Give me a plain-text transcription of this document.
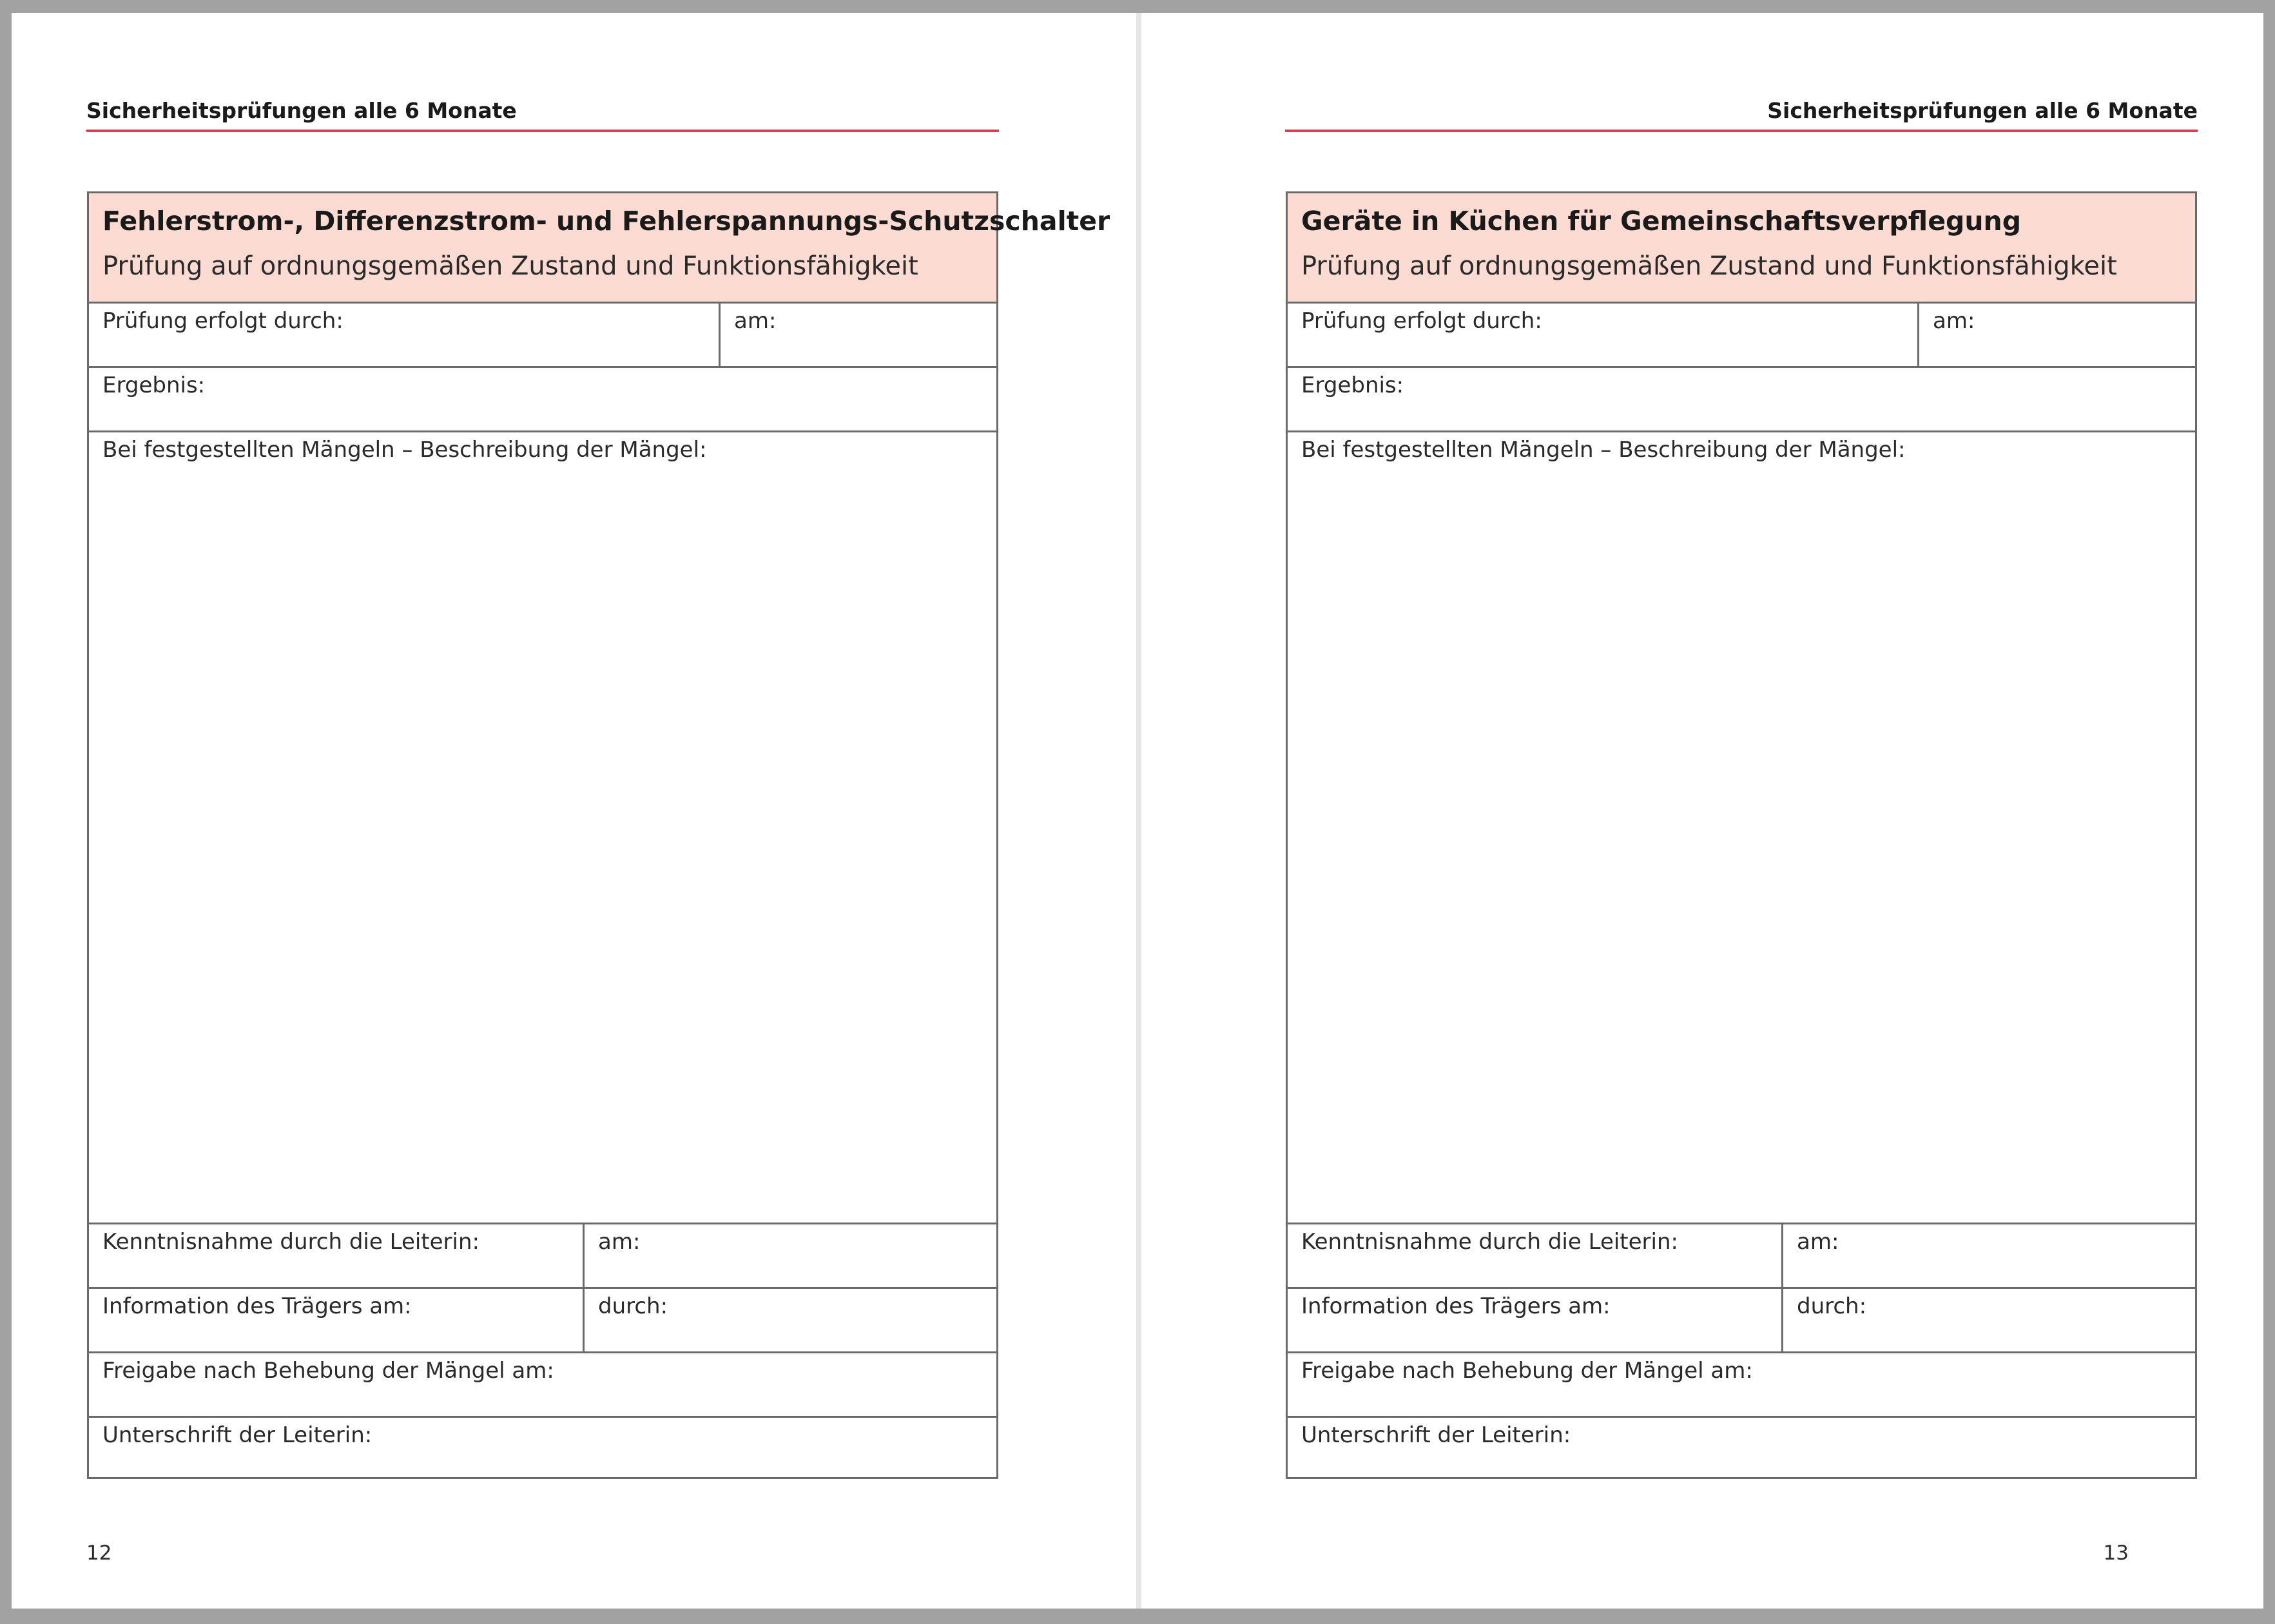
Sicherheitsprüfungen alle 6 Monate
Fehlerstrom-, Differenzstrom- und Fehlerspannungs-Schutzschalter
Prüfung auf ordnungsgemäßen Zustand und Funktionsfähigkeit
Prüfung erfolgt durch:	am:
Ergebnis:
Bei festgestellten Mängeln – Beschreibung der Mängel:
Kenntnisnahme durch die Leiterin:	am:
Information des Trägers am:	durch:
Freigabe nach Behebung der Mängel am:
Unterschrift der Leiterin:
12
Sicherheitsprüfungen alle 6 Monate
Geräte in Küchen für Gemeinschaftsverpflegung
Prüfung auf ordnungsgemäßen Zustand und Funktionsfähigkeit
Prüfung erfolgt durch:	am:
Ergebnis:
Bei festgestellten Mängeln – Beschreibung der Mängel:
Kenntnisnahme durch die Leiterin:	am:
Information des Trägers am:	durch:
Freigabe nach Behebung der Mängel am:
Unterschrift der Leiterin:
13
